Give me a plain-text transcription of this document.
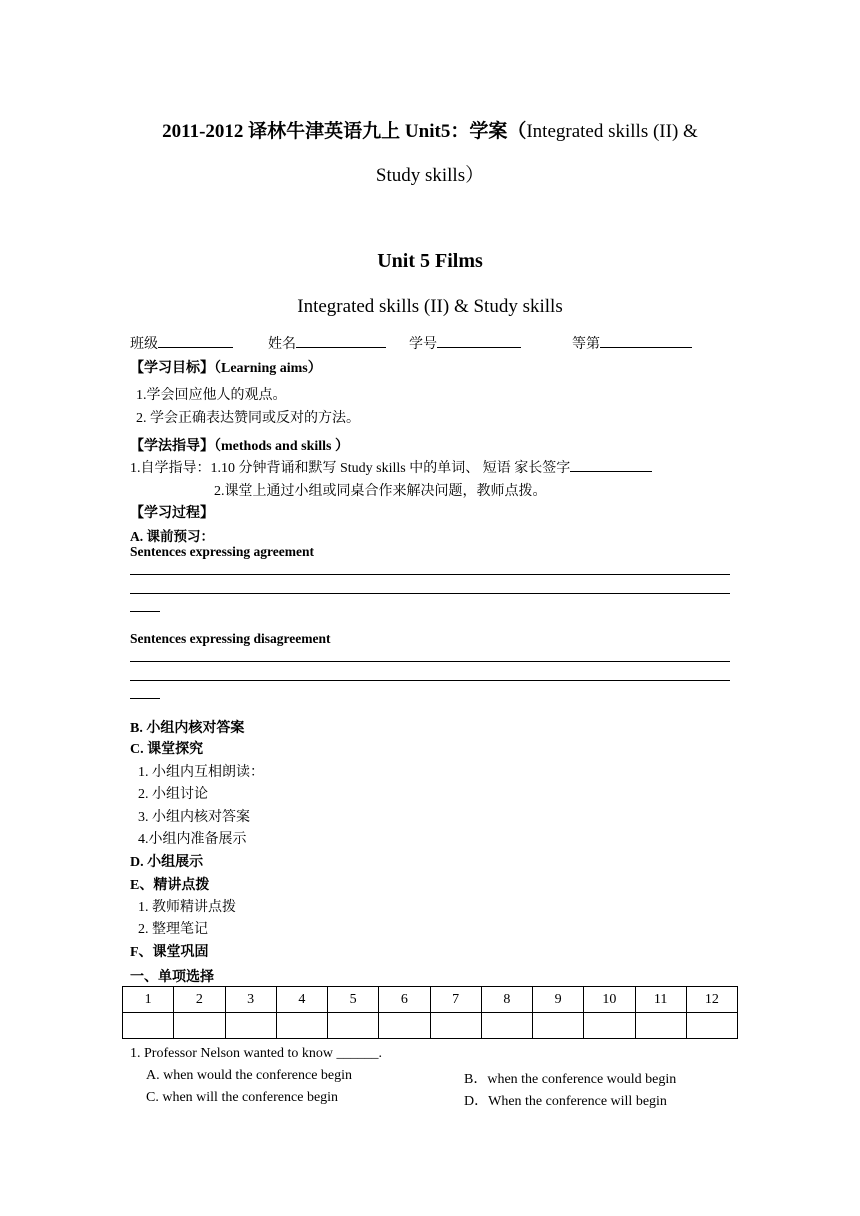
2011-2012 译林牛津英语九上 Unit5：学案（Integrated skills (II) &
Study skills）
Unit 5 Films
Integrated skills (II) & Study skills
班级	姓名	学号	等第
【学习目标】（Learning aims）
1.学会回应他人的观点。
2. 学会正确表达赞同或反对的方法。
【学法指导】（methods and skills ）
1.自学指导：1.10 分钟背诵和默写 Study skills 中的单词、 短语 家长签字
2.课堂上通过小组或同桌合作来解决问题，教师点拨。
【学习过程】
A. 课前预习：
Sentences expressing agreement
Sentences expressing disagreement
B. 小组内核对答案
C. 课堂探究
1. 小组内互相朗读：
2. 小组讨论
3. 小组内核对答案
4.小组内准备展示
D. 小组展示
E、精讲点拨
1. 教师精讲点拨
2. 整理笔记
F、课堂巩固
一、单项选择
1	2	3	4	5	6	7	8	9	10	11	12

1. Professor Nelson wanted to know ______.
A. when would the conference begin	B．when the conference would begin
C. when will the conference begin	D．When the conference will begin
